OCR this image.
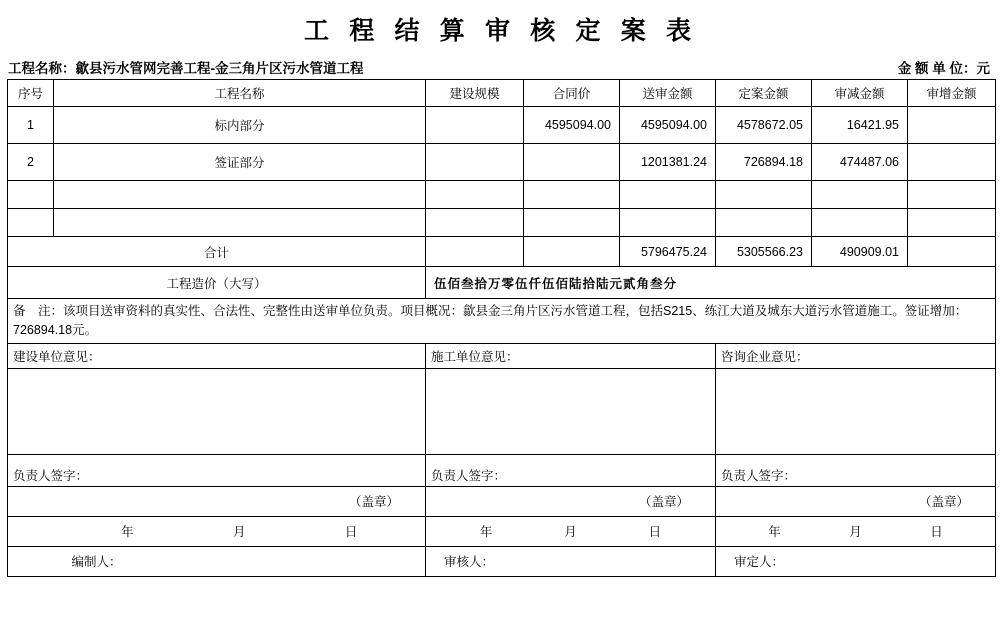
工 程 结 算 审 核 定 案 表
工程名称：歙县污水管网完善工程-金三角片区污水管道工程	金 额 单 位：元
序号	工程名称	建设规模	合同价	送审金额	定案金额	审减金额	审增金额
1	标内部分		4595094.00	4595094.00	4578672.05	16421.95	
2	签证部分			1201381.24	726894.18	474487.06	

合计				5796475.24	5305566.23	490909.01	
工程造价（大写）		伍佰叁拾万零伍仟伍佰陆拾陆元贰角叁分					
备　注：该项目送审资料的真实性、合法性、完整性由送审单位负责。项目概况：歙县金三角片区污水管道工程，包括S215、练江大道及城东大道污水管道施工。签证增加：726894.18元。							
建设单位意见：		施工单位意见：			咨询企业意见：		

负责人签字：		负责人签字：			负责人签字：		
（盖章）		（盖章）			（盖章）		

	年 月 日	年 月 日			年 月 日		

	编制人：	审核人：			审定人：		
